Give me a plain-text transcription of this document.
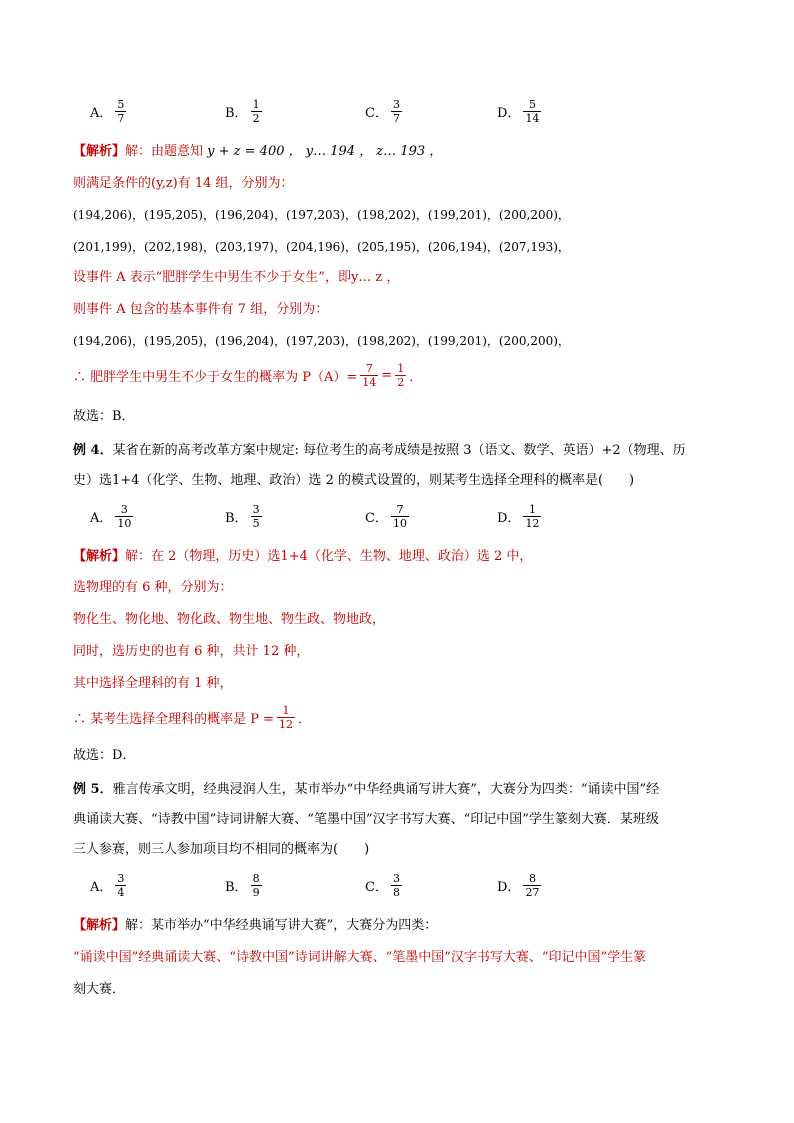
A． $\frac{5}{7}$	B． $\frac{1}{2}$	C． $\frac{3}{7}$	D． $\frac{5}{14}$
【解析】解：由题意知 y + z = 400 ， y… 194 ， z… 193 ，
则满足条件的(y,z)有 14 组，分别为：
(194,206)，(195,205)，(196,204)，(197,203)，(198,202)，(199,201)，(200,200)，
(201,199)，(202,198)，(203,197)，(204,196)，(205,195)，(206,194)，(207,193)，
设事件 A 表示“肥胖学生中男生不少于女生”，即y… z ，
则事件 A 包含的基本事件有 7 组，分别为：
(194,206)，(195,205)，(196,204)，(197,203)，(198,202)，(199,201)，(200,200)，
∴ 肥胖学生中男生不少于女生的概率为 $P(A)= \frac{7}{14} = \frac{1}{2}$ ．
故选：B．
例 4．某省在新的高考改革方案中规定: 每位考生的高考成绩是按照 3（语文、数学、英语）+2（物理、历
史）选1+4（化学、生物、地理、政治）选 2 的模式设置的，则某考生选择全理科的概率是(　　)
A． $\frac{3}{10}$	B． $\frac{3}{5}$	C． $\frac{7}{10}$	D． $\frac{1}{12}$
【解析】解：在 2（物理，历史）选1+4（化学、生物、地理、政治）选 2 中，
选物理的有 6 种，分别为：
物化生、物化地、物化政、物生地、物生政、物地政，
同时，选历史的也有 6 种，共计 12 种，
其中选择全理科的有 1 种，
∴ 某考生选择全理科的概率是 $P = \frac{1}{12}$ ．
故选：D．
例 5．雅言传承文明，经典浸润人生，某市举办“中华经典诵写讲大赛”，大赛分为四类：“诵读中国”经
典诵读大赛、“诗教中国”诗词讲解大赛、“笔墨中国”汉字书写大赛、“印记中国”学生篆刻大赛．某班级
三人参赛，则三人参加项目均不相同的概率为(　　)
A． $\frac{3}{4}$	B． $\frac{8}{9}$	C． $\frac{3}{8}$	D． $\frac{8}{27}$
【解析】解：某市举办“中华经典诵写讲大赛”，大赛分为四类：
“诵读中国”经典诵读大赛、“诗教中国”诗词讲解大赛、“笔墨中国”汉字书写大赛、“印记中国”学生篆
刻大赛．
